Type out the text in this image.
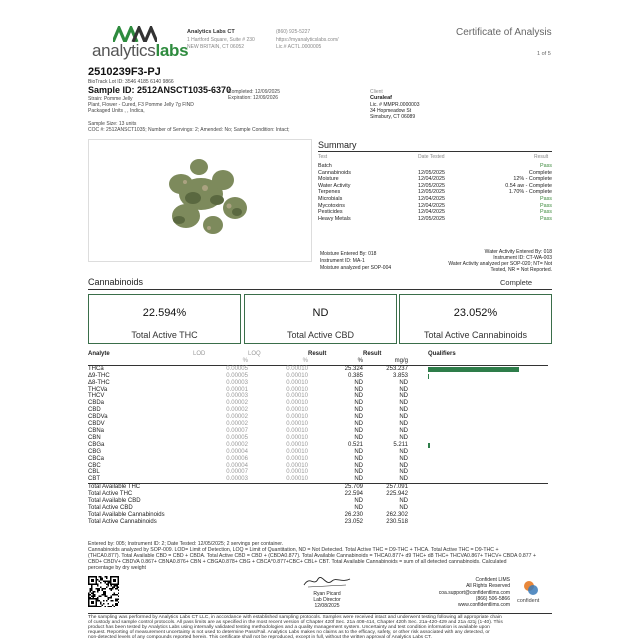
analyticslabs
Analytics Labs CT
1 Hartford Square, Suite # 230
NEW BRITAIN, CT 06052
(860) 925-5227
https://myanalyticslabs.com/
Lic.# ACTL.0000005
Certificate of Analysis
1 of 5
2510239F3-PJ
BioTrack Lot ID: 3546 4185 6140 9866
Sample ID: 2512ANSCT1035-6370
Strain: Pomme Jelly
Plant, Flower - Cured, F3 Pomme Jelly 7g FIND
Packaged Units , , Indica,
Completed: 12/09/2025
Expiration: 12/09/2026
Sample Size: 13 units
COC #: 2512ANSCT1035; Number of Servings: 2; Amended: No; Sample Condition: Intact;
Client
Curaleaf
Lic. # MMPR.0000003
34 Hopmeadow St
Simsbury, CT 06089
Summary
Test	Date Tested	Result
Batch		Pass
Cannabinoids	12/05/2025	Complete
Moisture	12/04/2025	12% - Complete
Water Activity	12/05/2025	0.54 aw - Complete
Terpenes	12/05/2025	1.70% - Complete
Microbials	12/04/2025	Pass
Mycotoxins	12/04/2025	Pass
Pesticides	12/04/2025	Pass
Heavy Metals	12/05/2025	Pass
Moisture Entered By: 018
Instrument ID: MA-1
Moisture analyzed per SOP-004
Water Activity Entered By: 018
Instrument ID: CT-WA-003
Water Activity analyzed per SOP-020; NT= Not
Tested, NR = Not Reported.
Cannabinoids	Complete
22.594%
Total Active THC
ND
Total Active CBD
23.052%
Total Active Cannabinoids
Analyte	LOD	LOQ	Result	Result		Qualifiers
	%	%	%	mg/g		
THCa	0.00005	0.00010	25.324	253.237		

Δ9-THC	0.00005	0.00010	0.385	3.853		

Δ8-THC	0.00003	0.00010	ND	ND		
THCVa	0.00001	0.00010	ND	ND		
THCV	0.00003	0.00010	ND	ND		
CBDa	0.00002	0.00010	ND	ND		
CBD	0.00002	0.00010	ND	ND		
CBDVa	0.00002	0.00010	ND	ND		
CBDV	0.00002	0.00010	ND	ND		
CBNa	0.00007	0.00010	ND	ND		
CBN	0.00005	0.00010	ND	ND		
CBGa	0.00002	0.00010	0.521	5.211		

CBG	0.00004	0.00010	ND	ND		
CBCa	0.00006	0.00010	ND	ND		
CBC	0.00004	0.00010	ND	ND		
CBL	0.00007	0.00010	ND	ND		
CBT	0.00003	0.00010	ND	ND		
Total Available THC			25.709	257.091		
Total Active THC			22.594	225.942		
Total Available CBD			ND	ND		
Total Active CBD			ND	ND		
Total Available Cannabinoids			26.230	262.302		
Total Active Cannabinoids			23.052	230.518		
Entered by: 005; Instrument ID: 2; Date Tested: 12/05/2025; 2 servings per container.
Cannabinoids analyzed by SOP-009. LOD= Limit of Detection, LOQ = Limit of Quantitation, ND = Not Detected. Total Active THC = D9-THC + THCA. Total Active THC = D9-THC +
(THCA0.877). Total Available CBD = CBD + CBDA. Total Active CBD = CBD + (CBDA0.877). Total Available Cannabinoids = THCA0.877+ d9 THC+ d8 THC+ THCVA0.867+ THCV+ CBDA 0.877 +
CBD+ CBDV+ CBDVA 0.867+ CBNA0.876+ CBN + CBGA0.878+ CBG + CBCA*0.877+CBC+ CBL+ CBT. Total Available Cannabinoids = sum of all detected cannabinoids. Calculated
percentage by dry weight
Ryan Picard
Lab Director
12/08/2025
Confident LIMS
All Rights Reserved
coa.support@confidentlims.com
(866) 506-5866
www.confidentlims.com
confident
The sampling was performed by Analytics Labs CT LLC, in accordance with established sampling protocols. Samples were received intact and underwent testing following all appropriate chain
of custody and sample control protocols. All pass limits are as specified in the most recent version of Chapter 420f Sec. 21a 408-414, Chapter 420h Sec. 21a-420-429 and 21a 421j (1-40). This
product has been tested by Analytics Labs using internally validated testing methodologies and a quality management system. Uncertainty and test condition information is available upon
request. Reporting of measurement uncertainty is not used to determine Pass/Fail. Analytics Labs makes no claims as to the efficacy, safety, or other risk associated with any detected, or
non-detected levels of any compounds reported herein. This certificate shall not be reproduced, except in full, without the written approval of Analytics Labs CT.
